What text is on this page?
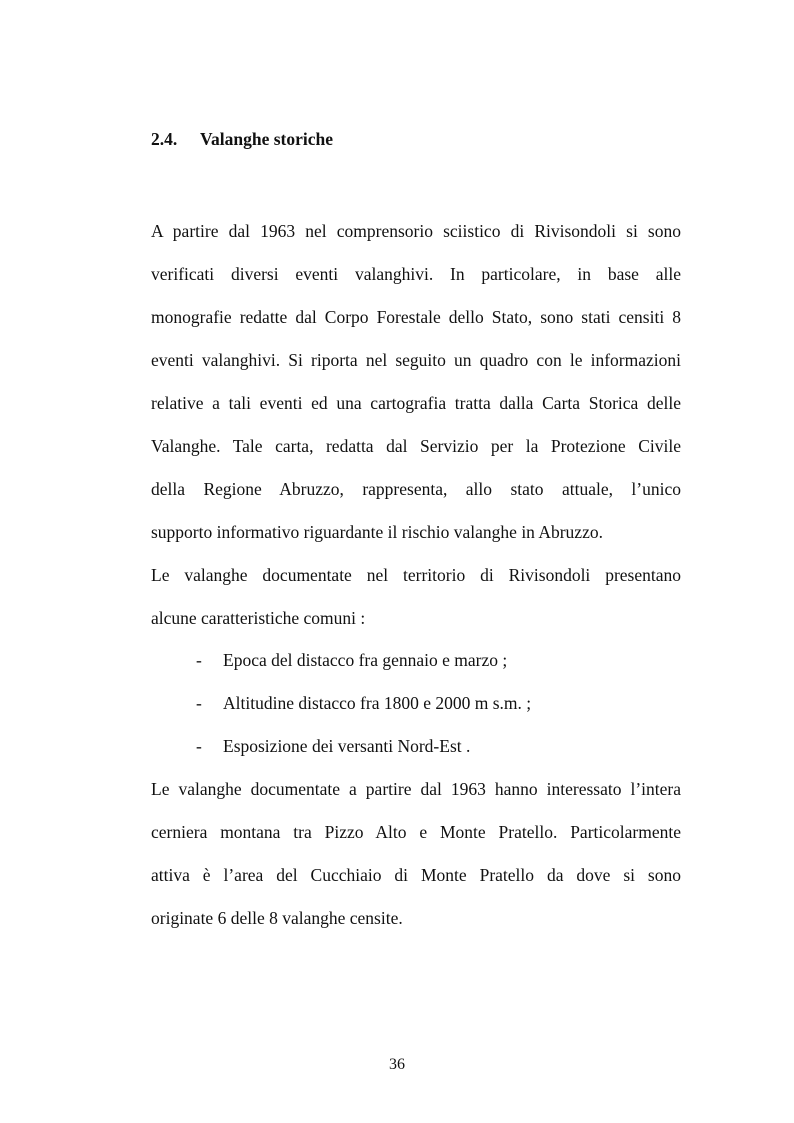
2.4. Valanghe storiche
A partire dal 1963 nel comprensorio sciistico di Rivisondoli si sono
verificati diversi eventi valanghivi. In particolare, in base alle
monografie redatte dal Corpo Forestale dello Stato, sono stati censiti 8
eventi valanghivi. Si riporta nel seguito un quadro con le informazioni
relative a tali eventi ed una cartografia tratta dalla Carta Storica delle
Valanghe. Tale carta, redatta dal Servizio per la Protezione Civile
della Regione Abruzzo, rappresenta, allo stato attuale, l’unico
supporto informativo riguardante il rischio valanghe in Abruzzo.
Le valanghe documentate nel territorio di Rivisondoli presentano
alcune caratteristiche comuni :
- Epoca del distacco fra gennaio e marzo ;
- Altitudine distacco fra 1800 e 2000 m s.m. ;
- Esposizione dei versanti Nord-Est .
Le valanghe documentate a partire dal 1963 hanno interessato l’intera
cerniera montana tra Pizzo Alto e Monte Pratello. Particolarmente
attiva è l’area del Cucchiaio di Monte Pratello da dove si sono
originate 6 delle 8 valanghe censite.
36
